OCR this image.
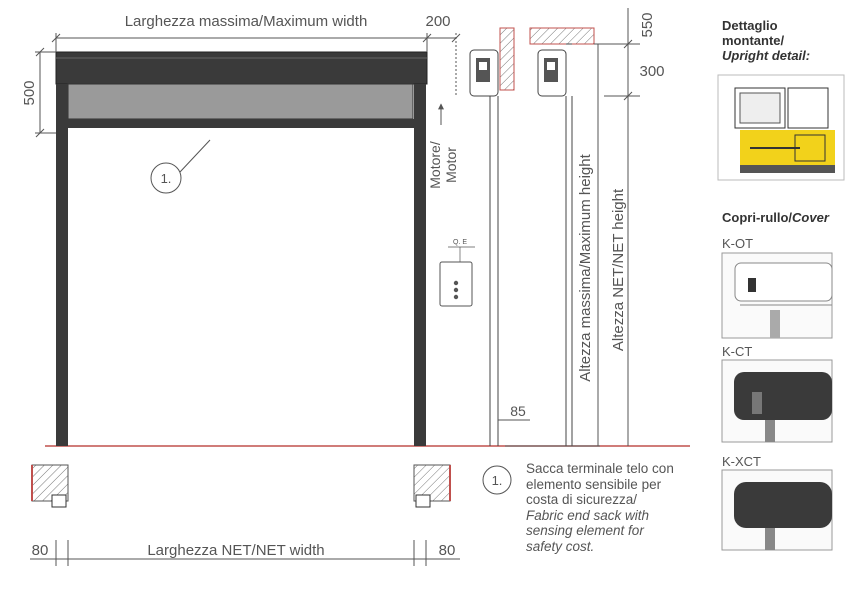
1.
Larghezza massima/Maximum width	200
500
Motore/ Motor
Q. E
85
Altezza massima/Maximum height
550
300
Altezza NET/NET height
80	80
Larghezza NET/NET width
1.
Dettaglio
montante/
Upright detail:
Copri-rullo/Cover
K-OT
K-CT
K-XCT
Sacca terminale telo con
elemento sensibile per
costa di sicurezza/
Fabric end sack with
sensing element for
safety cost.
